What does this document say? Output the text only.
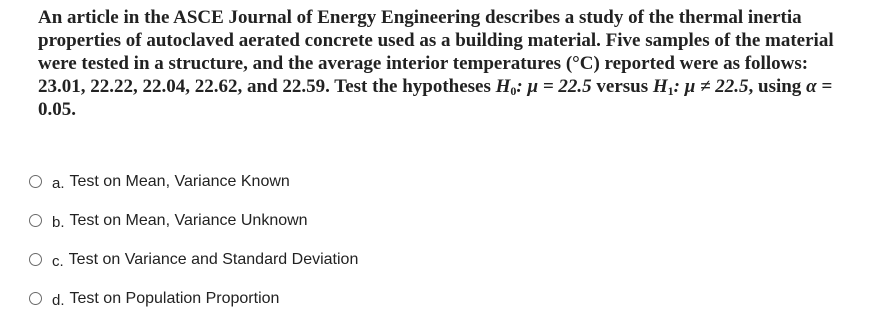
An article in the ASCE Journal of Energy Engineering describes a study of the thermal inertia properties of autoclaved aerated concrete used as a building material. Five samples of the material were tested in a structure, and the average interior temperatures (°C) reported were as follows: 23.01, 22.22, 22.04, 22.62, and 22.59. Test the hypotheses $H_0$: μ = 22.5 versus $H_1$: μ ≠ 22.5, using α = 0.05.
a. Test on Mean, Variance Known
b. Test on Mean, Variance Unknown
c. Test on Variance and Standard Deviation
d. Test on Population Proportion
